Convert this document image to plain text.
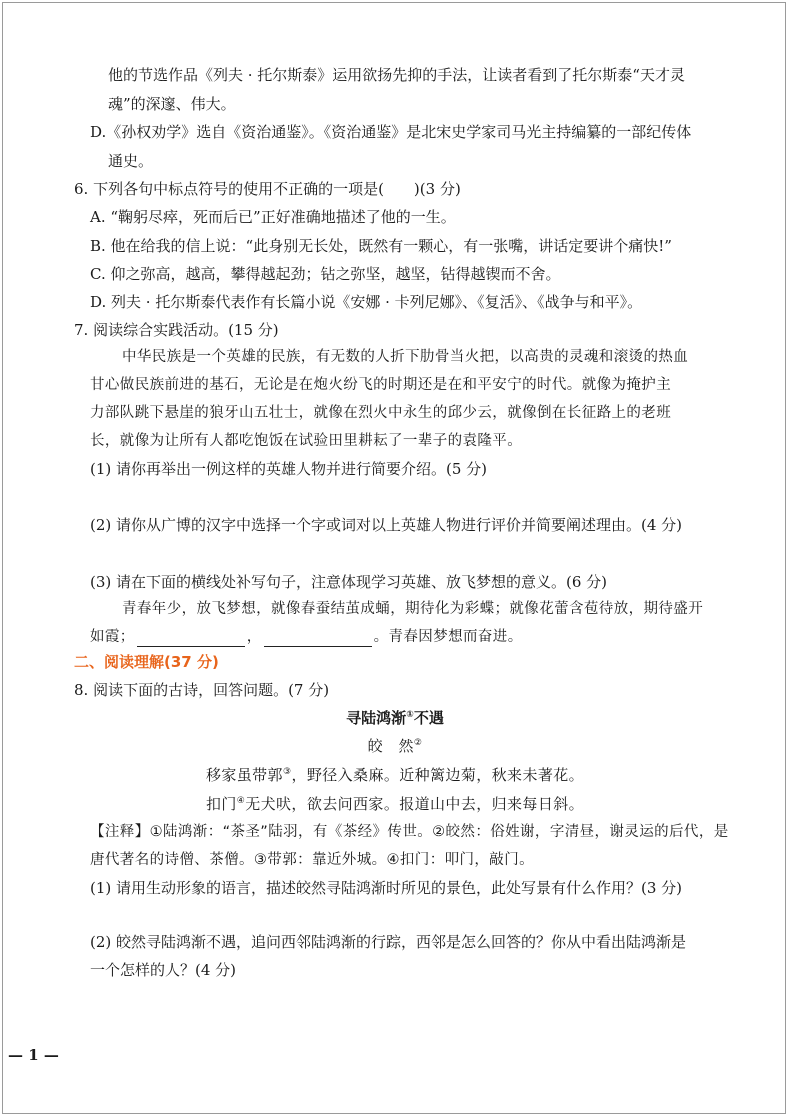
他的节选作品《列夫 · 托尔斯泰》运用欲扬先抑的手法，让读者看到了托尔斯泰“天才灵
魂”的深邃、伟大。
D.《孙权劝学》选自《资治通鉴》。《资治通鉴》是北宋史学家司马光主持编纂的一部纪传体
通史。
6. 下列各句中标点符号的使用不正确的一项是(　　)(3 分)
A. “鞠躬尽瘁，死而后已”正好准确地描述了他的一生。
B. 他在给我的信上说：“此身别无长处，既然有一颗心，有一张嘴，讲话定要讲个痛快!”
C. 仰之弥高，越高，攀得越起劲；钻之弥坚，越坚，钻得越锲而不舍。
D. 列夫 · 托尔斯泰代表作有长篇小说《安娜 · 卡列尼娜》、《复活》、《战争与和平》。
7. 阅读综合实践活动。(15 分)
中华民族是一个英雄的民族，有无数的人折下肋骨当火把，以高贵的灵魂和滚烫的热血
甘心做民族前进的基石，无论是在炮火纷飞的时期还是在和平安宁的时代。就像为掩护主
力部队跳下悬崖的狼牙山五壮士，就像在烈火中永生的邱少云，就像倒在长征路上的老班
长，就像为让所有人都吃饱饭在试验田里耕耘了一辈子的袁隆平。
(1) 请你再举出一例这样的英雄人物并进行简要介绍。(5 分)
(2) 请你从广博的汉字中选择一个字或词对以上英雄人物进行评价并简要阐述理由。(4 分)
(3) 请在下面的横线处补写句子，注意体现学习英雄、放飞梦想的意义。(6 分)
青春年少，放飞梦想，就像春蚕结茧成蛹，期待化为彩蝶；就像花蕾含苞待放，期待盛开
如霞；	，	。青春因梦想而奋进。
二、阅读理解(37 分)
8. 阅读下面的古诗，回答问题。(7 分)
寻陆鸿渐①不遇
皎　然②
移家虽带郭③，野径入桑麻。近种篱边菊，秋来未著花。
扣门④无犬吠，欲去问西家。报道山中去，归来每日斜。
【注释】①陆鸿渐：“茶圣”陆羽，有《茶经》传世。②皎然：俗姓谢，字清昼，谢灵运的后代，是
唐代著名的诗僧、茶僧。③带郭：靠近外城。④扣门：叩门，敲门。
(1) 请用生动形象的语言，描述皎然寻陆鸿渐时所见的景色，此处写景有什么作用？(3 分)
(2) 皎然寻陆鸿渐不遇，追问西邻陆鸿渐的行踪，西邻是怎么回答的？你从中看出陆鸿渐是
一个怎样的人？(4 分)
— 1 —
